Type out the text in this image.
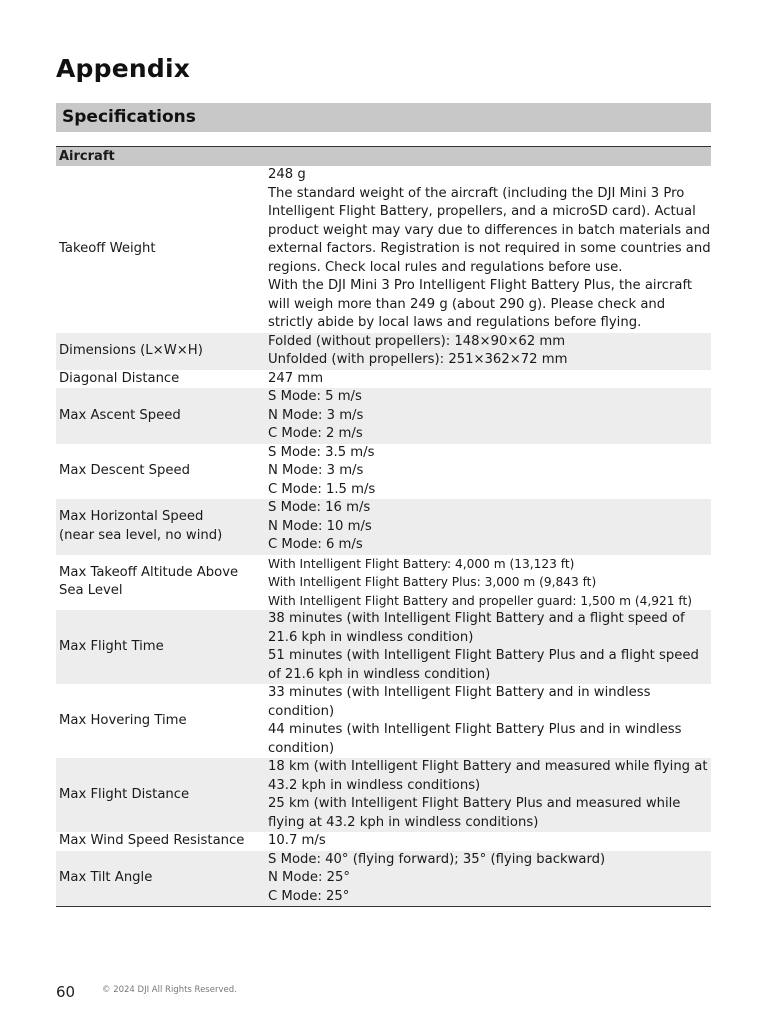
Appendix
Specifications
Aircraft	
Takeoff Weight	248 g
The standard weight of the aircraft (including the DJI Mini 3 Pro Intelligent Flight Battery, propellers, and a microSD card). Actual product weight may vary due to differences in batch materials and external factors. Registration is not required in some countries and regions. Check local rules and regulations before use.
With the DJI Mini 3 Pro Intelligent Flight Battery Plus, the aircraft will weigh more than 249 g (about 290 g). Please check and strictly abide by local laws and regulations before flying.
Dimensions (L×W×H)	Folded (without propellers): 148×90×62 mm
Unfolded (with propellers): 251×362×72 mm
Diagonal Distance	247 mm
Max Ascent Speed	S Mode: 5 m/s
N Mode: 3 m/s
C Mode: 2 m/s
Max Descent Speed	S Mode: 3.5 m/s
N Mode: 3 m/s
C Mode: 1.5 m/s
Max Horizontal Speed
(near sea level, no wind)	S Mode: 16 m/s
N Mode: 10 m/s
C Mode: 6 m/s
Max Takeoff Altitude Above Sea Level	With Intelligent Flight Battery: 4,000 m (13,123 ft)
With Intelligent Flight Battery Plus: 3,000 m (9,843 ft)
With Intelligent Flight Battery and propeller guard: 1,500 m (4,921 ft)
Max Flight Time	38 minutes (with Intelligent Flight Battery and a flight speed of 21.6 kph in windless condition)
51 minutes (with Intelligent Flight Battery Plus and a flight speed of 21.6 kph in windless condition)
Max Hovering Time	33 minutes (with Intelligent Flight Battery and in windless condition)
44 minutes (with Intelligent Flight Battery Plus and in windless condition)
Max Flight Distance	18 km (with Intelligent Flight Battery and measured while flying at 43.2 kph in windless conditions)
25 km (with Intelligent Flight Battery Plus and measured while flying at 43.2 kph in windless conditions)
Max Wind Speed Resistance	10.7 m/s
Max Tilt Angle	S Mode: 40° (flying forward); 35° (flying backward)
N Mode: 25°
C Mode: 25°
60	© 2024 DJI All Rights Reserved.
